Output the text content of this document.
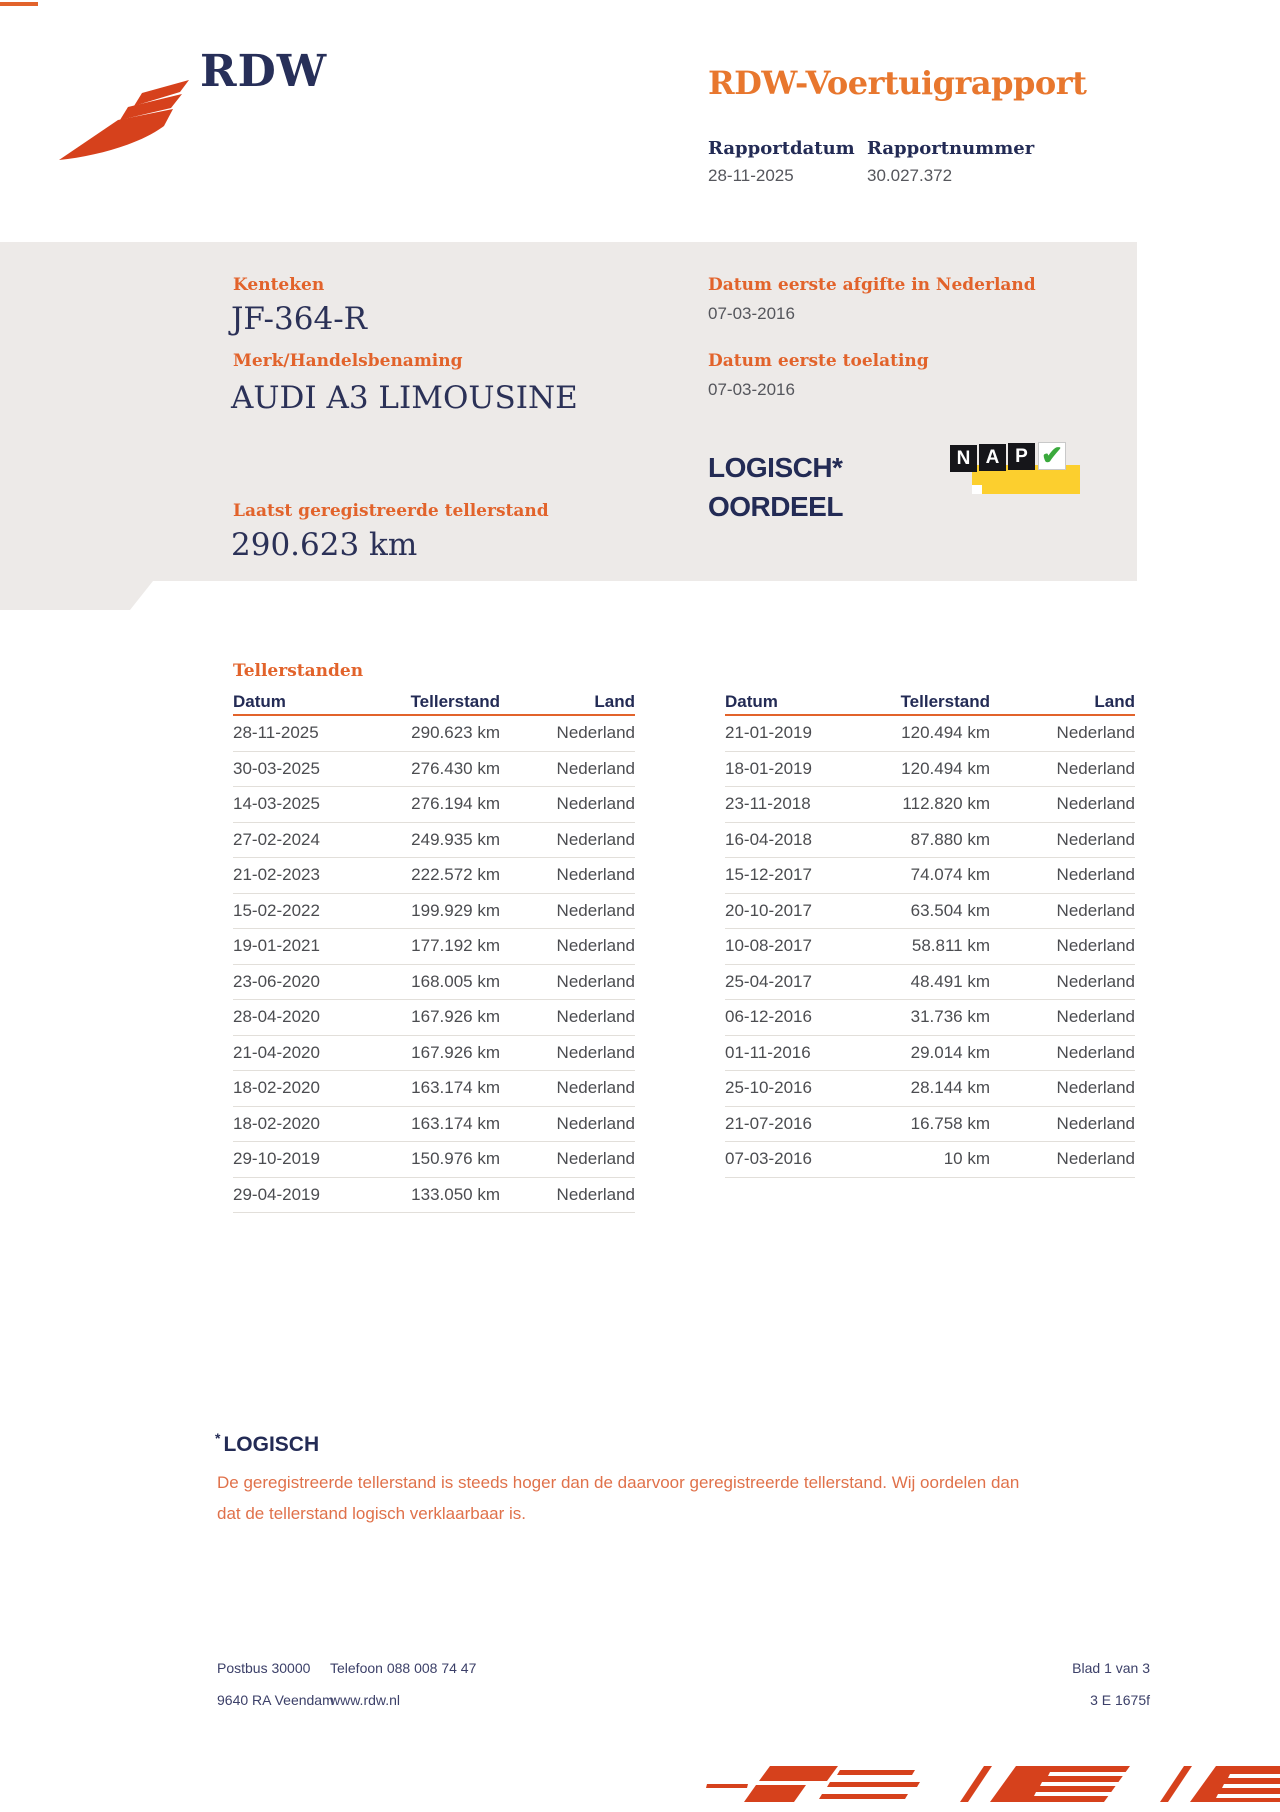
RDW	RDW-Voertuigrapport
Rapportdatum Rapportnummer
28-11-2025	30.027.372
Kenteken
JF-364-R
Merk/Handelsbenaming
AUDI A3 LIMOUSINE
Laatst geregistreerde tellerstand
290.623 km
Datum eerste afgifte in Nederland
07-03-2016
Datum eerste toelating
07-03-2016
LOGISCH*
OORDEEL
N A P ✔
Tellerstanden
Datum	Tellerstand	Land
28-11-2025	290.623 km	Nederland
30-03-2025	276.430 km	Nederland
14-03-2025	276.194 km	Nederland
27-02-2024	249.935 km	Nederland
21-02-2023	222.572 km	Nederland
15-02-2022	199.929 km	Nederland
19-01-2021	177.192 km	Nederland
23-06-2020	168.005 km	Nederland
28-04-2020	167.926 km	Nederland
21-04-2020	167.926 km	Nederland
18-02-2020	163.174 km	Nederland
18-02-2020	163.174 km	Nederland
29-10-2019	150.976 km	Nederland
29-04-2019	133.050 km	Nederland
Datum	Tellerstand	Land
21-01-2019	120.494 km	Nederland
18-01-2019	120.494 km	Nederland
23-11-2018	112.820 km	Nederland
16-04-2018	87.880 km	Nederland
15-12-2017	74.074 km	Nederland
20-10-2017	63.504 km	Nederland
10-08-2017	58.811 km	Nederland
25-04-2017	48.491 km	Nederland
06-12-2016	31.736 km	Nederland
01-11-2016	29.014 km	Nederland
25-10-2016	28.144 km	Nederland
21-07-2016	16.758 km	Nederland
07-03-2016	10 km	Nederland
* LOGISCH
De geregistreerde tellerstand is steeds hoger dan de daarvoor geregistreerde tellerstand. Wij oordelen dan
dat de tellerstand logisch verklaarbaar is.
Postbus 30000 Telefoon 088 008 74 47	Blad 1 van 3
9640 RA Veendam
www.rdw.nl	3 E 1675f
